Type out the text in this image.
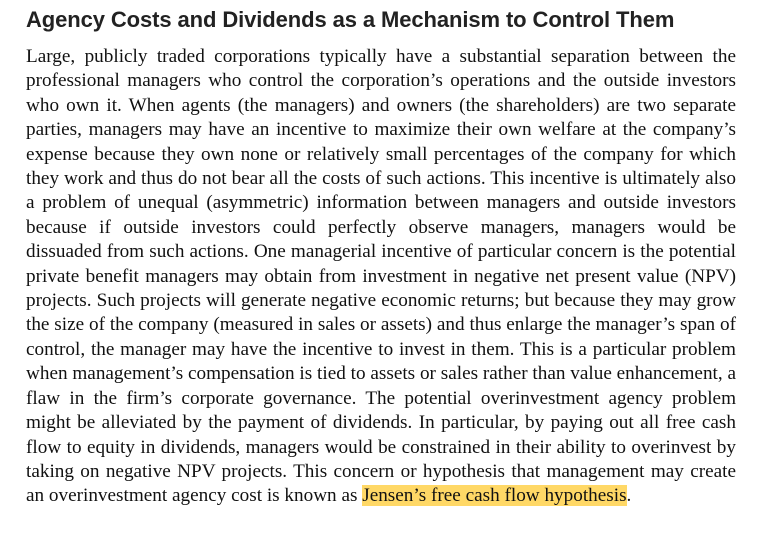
Agency Costs and Dividends as a Mechanism to Control Them

Large, publicly traded corporations typically have a substantial separation between the professional managers who control the corporation’s operations and the outside investors who own it. When agents (the managers) and owners (the shareholders) are two separate parties, managers may have an incentive to maximize their own welfare at the company’s expense because they own none or relatively small percentages of the company for which they work and thus do not bear all the costs of such actions. This incentive is ultimately also a problem of unequal (asymmetric) information between managers and outside investors because if outside investors could perfectly observe managers, managers would be dissuaded from such actions. One managerial incentive of particular concern is the potential private benefit managers may obtain from investment in negative net present value (NPV) projects. Such projects will generate negative economic returns; but because they may grow the size of the company (measured in sales or assets) and thus enlarge the manager’s span of control, the manager may have the incentive to invest in them. This is a particular problem when management’s compensation is tied to assets or sales rather than value enhancement, a flaw in the firm’s corporate governance. The potential overinvestment agency problem might be alleviated by the payment of dividends. In particular, by paying out all free cash flow to equity in dividends, managers would be constrained in their ability to overinvest by taking on negative NPV projects. This concern or hypothesis that management may create an overinvestment agency cost is known as Jensen’s free cash flow hypothesis.
